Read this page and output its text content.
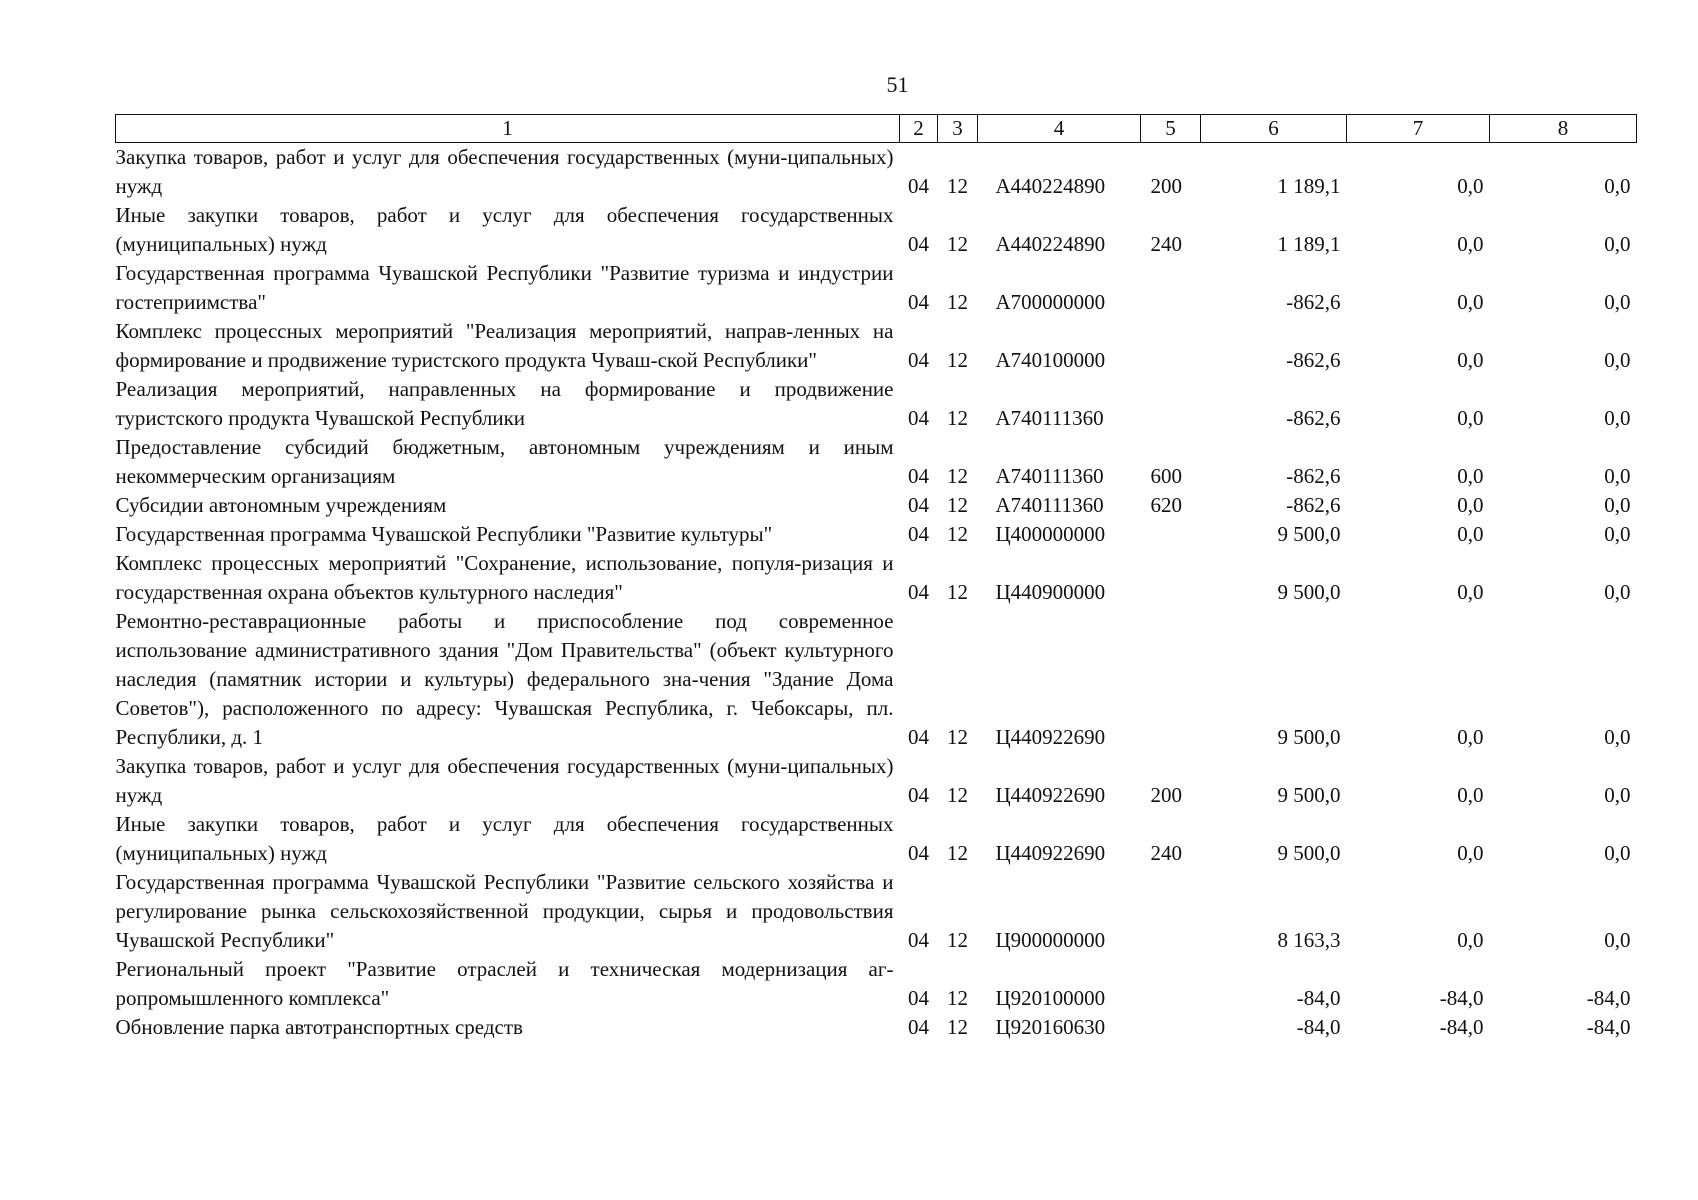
51
1	2	3	4	5	6	7	8
Закупка товаров, работ и услуг для обеспечения государственных (муни-ципальных) нужд	04	12	А440224890	200	1 189,1	0,0	0,0
Иные закупки товаров, работ и услуг для обеспечения государственных (муниципальных) нужд	04	12	А440224890	240	1 189,1	0,0	0,0
Государственная программа Чувашской Республики "Развитие туризма и индустрии гостеприимства"	04	12	А700000000		-862,6	0,0	0,0
Комплекс процессных мероприятий "Реализация мероприятий, направ-ленных на формирование и продвижение туристского продукта Чуваш-ской Республики"	04	12	А740100000		-862,6	0,0	0,0
Реализация мероприятий, направленных на формирование и продвижение туристского продукта Чувашской Республики	04	12	А740111360		-862,6	0,0	0,0
Предоставление субсидий бюджетным, автономным учреждениям и иным некоммерческим организациям	04	12	А740111360	600	-862,6	0,0	0,0
Субсидии автономным учреждениям	04	12	А740111360	620	-862,6	0,0	0,0
Государственная программа Чувашской Республики "Развитие культуры"	04	12	Ц400000000		9 500,0	0,0	0,0
Комплекс процессных мероприятий "Сохранение, использование, популя-ризация и государственная охрана объектов культурного наследия"	04	12	Ц440900000		9 500,0	0,0	0,0
Ремонтно-реставрационные работы и приспособление под современное использование административного здания "Дом Правительства" (объект культурного наследия (памятник истории и культуры) федерального зна-чения "Здание Дома Советов"), расположенного по адресу: Чувашская Республика, г. Чебоксары, пл. Республики, д. 1	04	12	Ц440922690		9 500,0	0,0	0,0
Закупка товаров, работ и услуг для обеспечения государственных (муни-ципальных) нужд	04	12	Ц440922690	200	9 500,0	0,0	0,0
Иные закупки товаров, работ и услуг для обеспечения государственных (муниципальных) нужд	04	12	Ц440922690	240	9 500,0	0,0	0,0
Государственная программа Чувашской Республики "Развитие сельского хозяйства и регулирование рынка сельскохозяйственной продукции, сырья и продовольствия Чувашской Республики"	04	12	Ц900000000		8 163,3	0,0	0,0
Региональный проект "Развитие отраслей и техническая модернизация аг-ропромышленного комплекса"	04	12	Ц920100000		-84,0	-84,0	-84,0
Обновление парка автотранспортных средств	04	12	Ц920160630		-84,0	-84,0	-84,0
